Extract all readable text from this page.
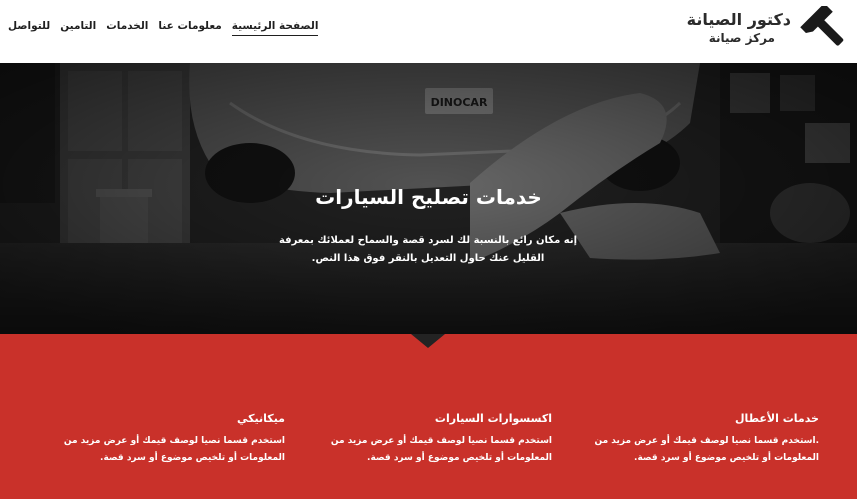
دكتور الصيانة
مركز صيانة
الصفحة الرئيسية
معلومات عنا
الخدمات
التامين
للتواصل
خدمات تصليح السيارات

إنه مكان رائع بالنسبة لك لسرد قصة والسماح لعملائك بمعرفة القليل عنك حاول التعديل بالنقر فوق هذا النص.

خدمات الأعطال

.استخدم قسما نصيا لوصف قيمك أو عرض مزيد من المعلومات أو تلخيص موضوع أو سرد قصة.

اكسسوارات السيارات

استخدم قسما نصيا لوصف قيمك أو عرض مزيد من المعلومات أو تلخيص موضوع أو سرد قصة.

ميكانيكي

استخدم قسما نصيا لوصف قيمك أو عرض مزيد من المعلومات أو تلخيص موضوع أو سرد قصة.
